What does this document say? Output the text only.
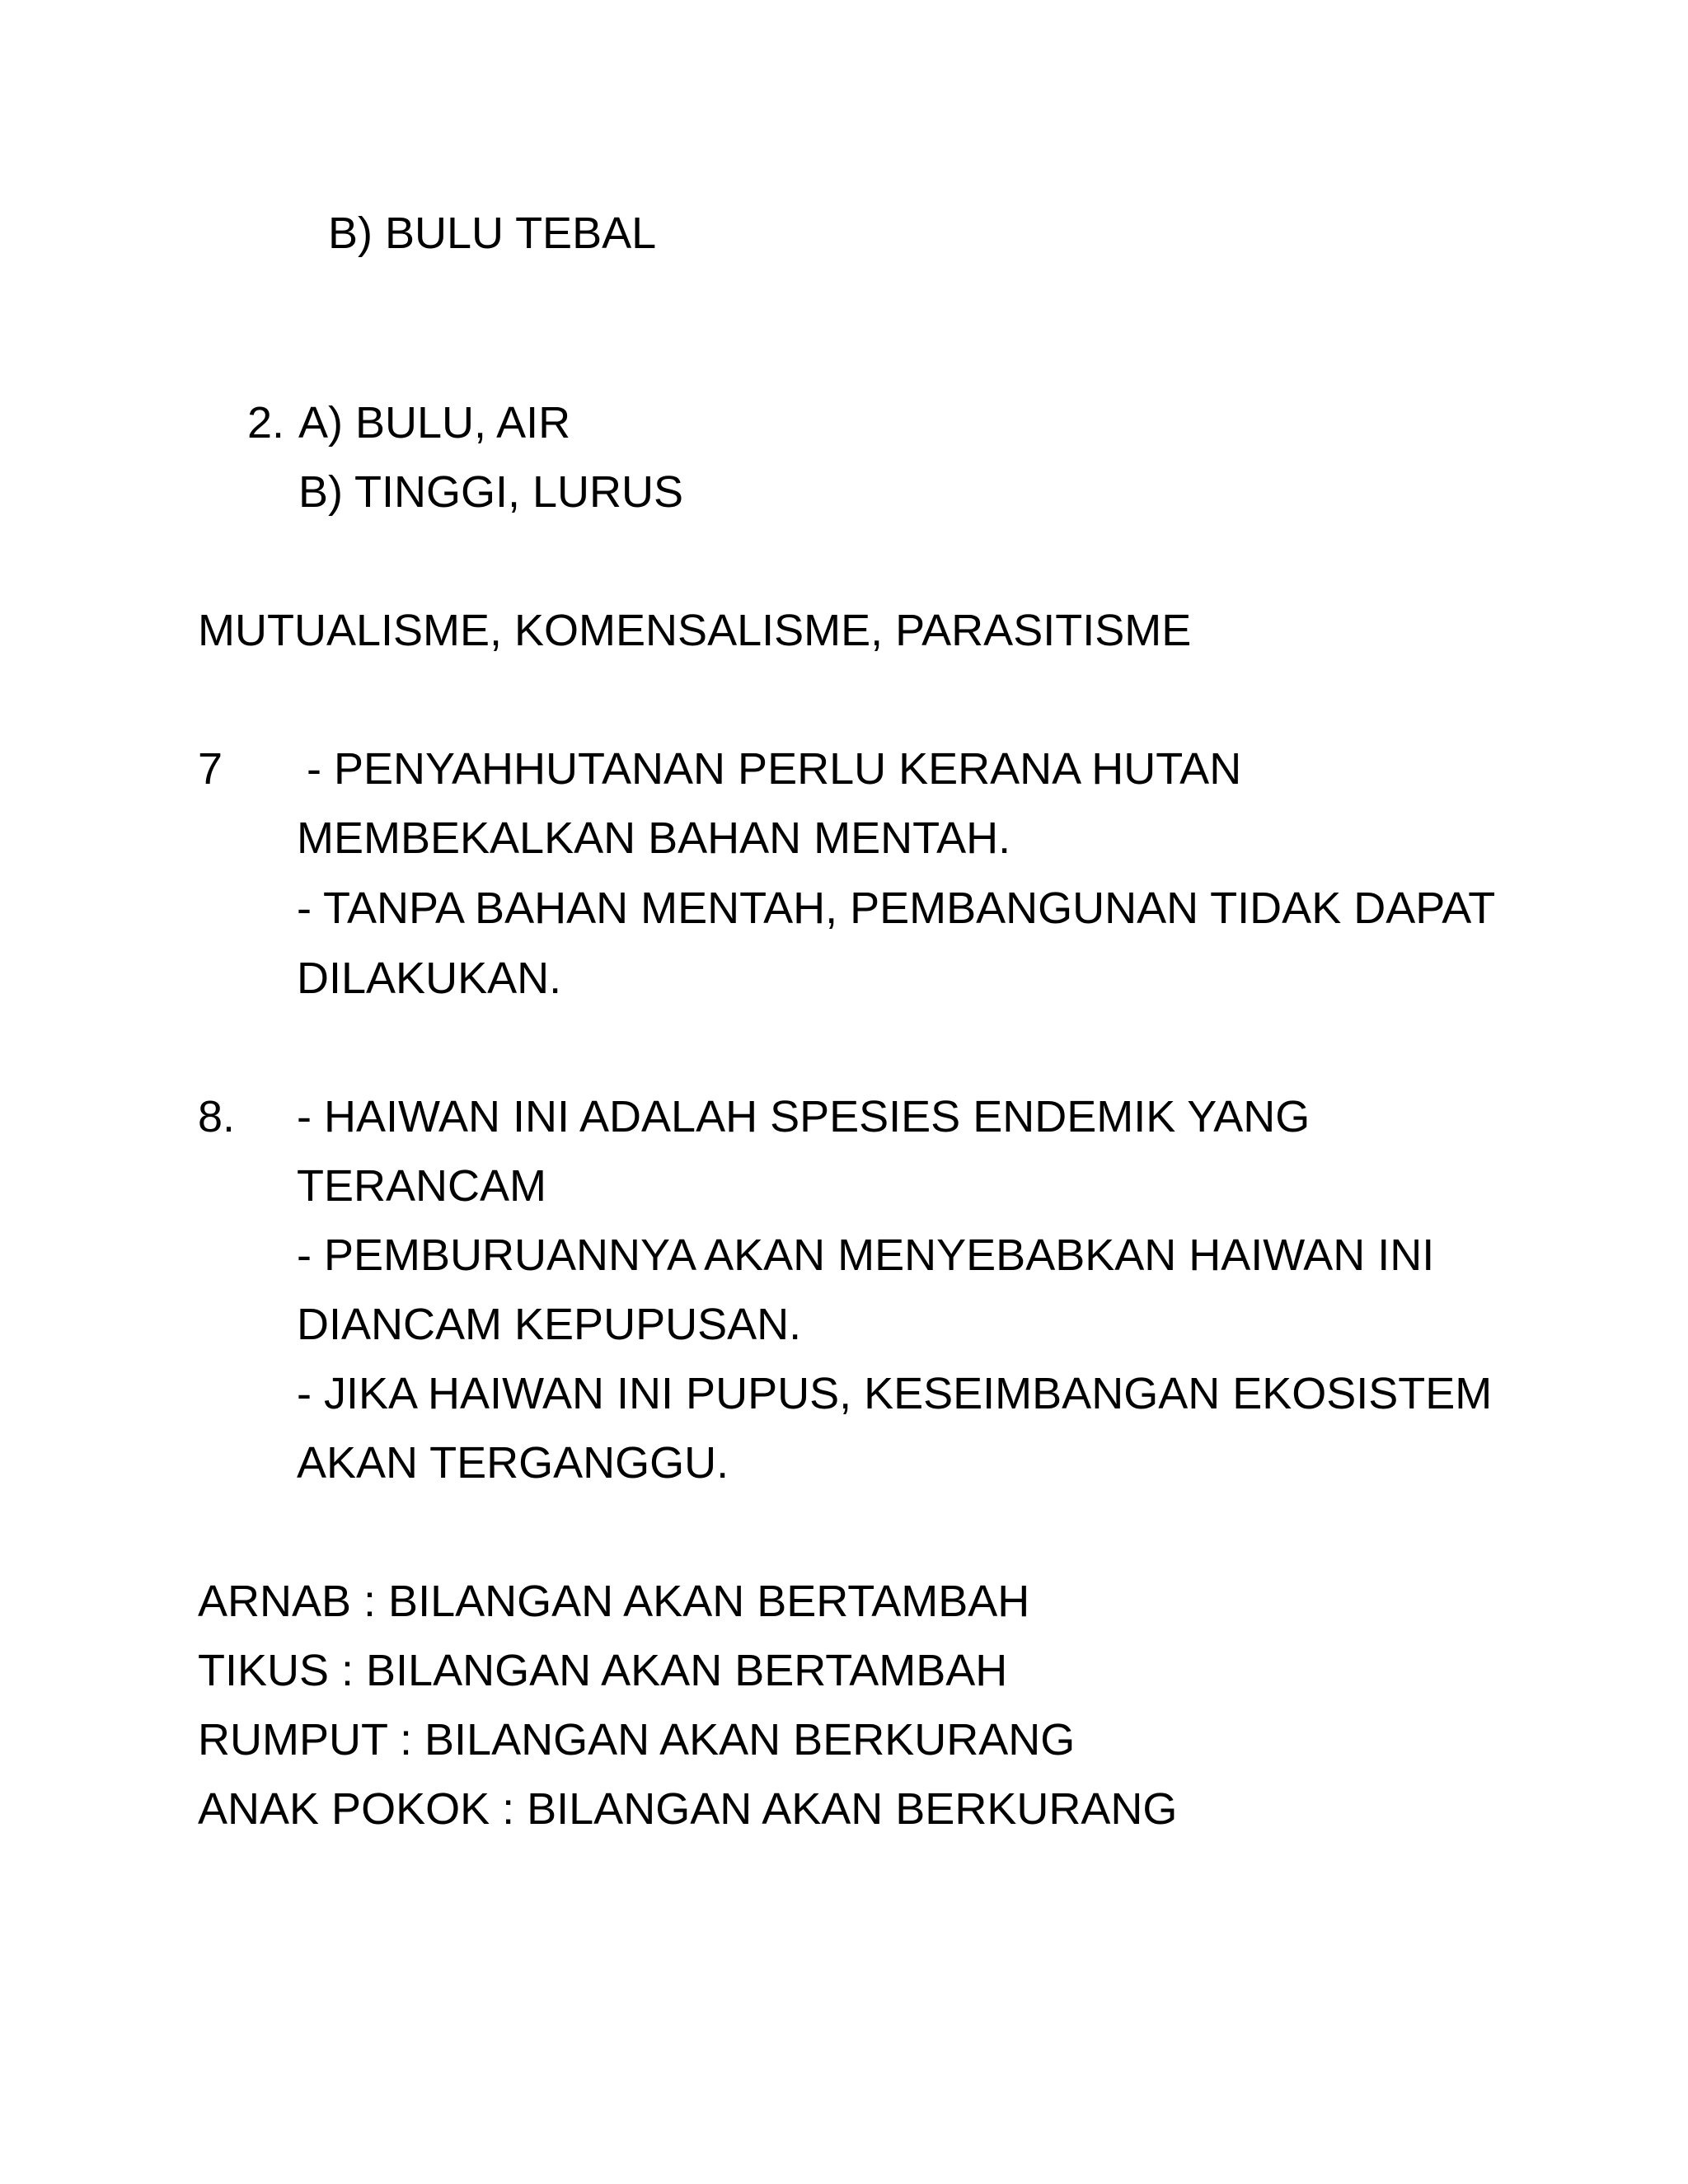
B) BULU TEBAL
2. A) BULU, AIR
B) TINGGI, LURUS
MUTUALISME, KOMENSALISME, PARASITISME
7 - PENYAHHUTANAN PERLU KERANA HUTAN
MEMBEKALKAN BAHAN MENTAH.
- TANPA BAHAN MENTAH, PEMBANGUNAN TIDAK DAPAT
DILAKUKAN.
8. - HAIWAN INI ADALAH SPESIES ENDEMIK YANG
TERANCAM
- PEMBURUANNYA AKAN MENYEBABKAN HAIWAN INI
DIANCAM KEPUPUSAN.
- JIKA HAIWAN INI PUPUS, KESEIMBANGAN EKOSISTEM
AKAN TERGANGGU.
ARNAB : BILANGAN AKAN BERTAMBAH
TIKUS : BILANGAN AKAN BERTAMBAH
RUMPUT : BILANGAN AKAN BERKURANG
ANAK POKOK : BILANGAN AKAN BERKURANG
